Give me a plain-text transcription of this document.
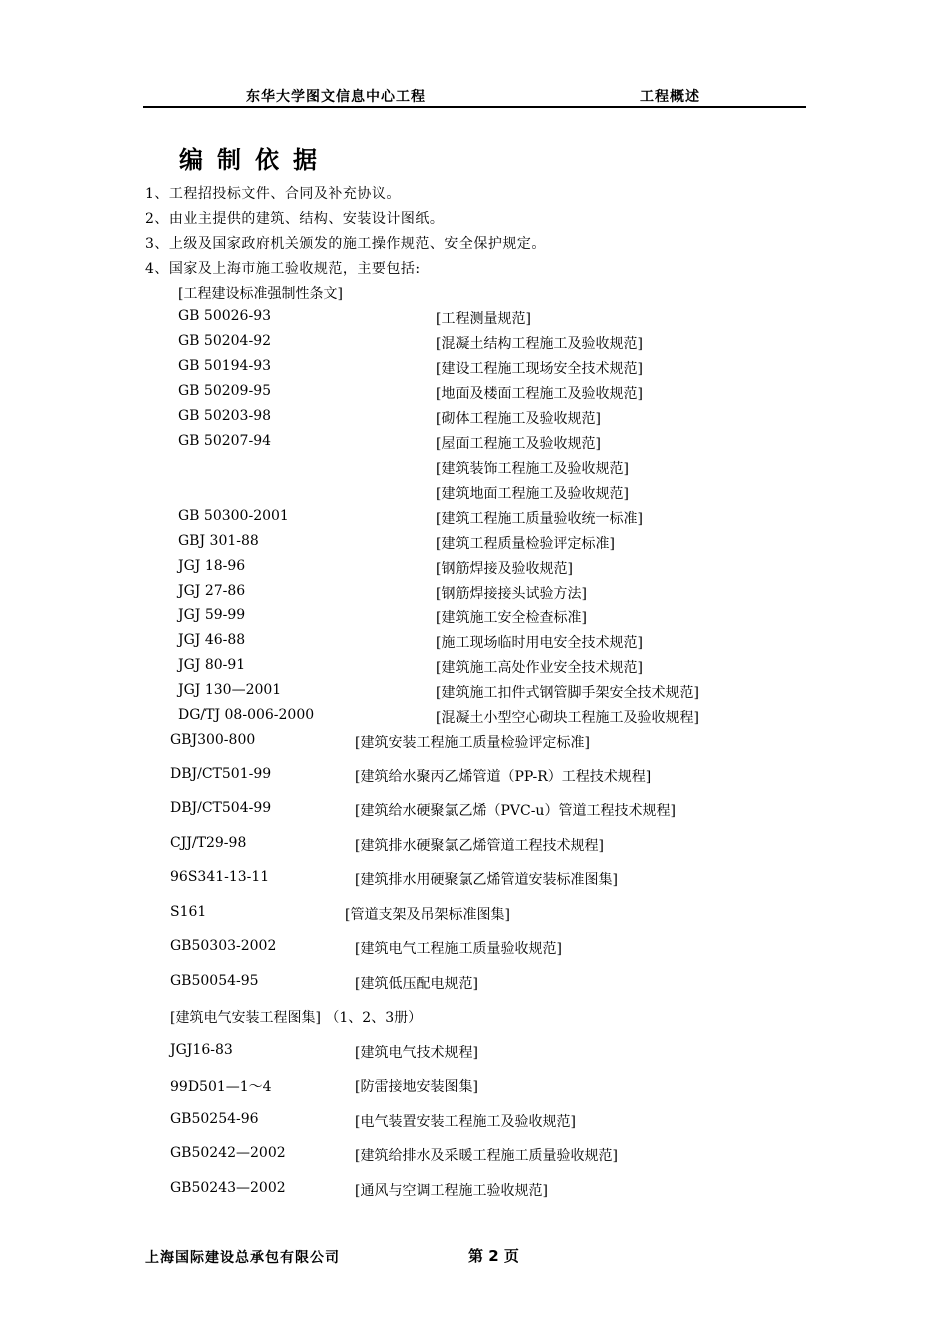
东华大学图文信息中心工程	工程概述
编制依据
1、工程招投标文件、合同及补充协议。
2、由业主提供的建筑、结构、安装设计图纸。
3、上级及国家政府机关颁发的施工操作规范、安全保护规定。
4、国家及上海市施工验收规范，主要包括:
[工程建设标准强制性条文]
GB 50026-93	[工程测量规范]
GB 50204-92	[混凝土结构工程施工及验收规范]
GB 50194-93	[建设工程施工现场安全技术规范]
GB 50209-95	[地面及楼面工程施工及验收规范]
GB 50203-98	[砌体工程施工及验收规范]
GB 50207-94	[屋面工程施工及验收规范]
[建筑装饰工程施工及验收规范]
[建筑地面工程施工及验收规范]
GB 50300-2001	[建筑工程施工质量验收统一标准]
GBJ 301-88	[建筑工程质量检验评定标准]
JGJ 18-96	[钢筋焊接及验收规范]
JGJ 27-86	[钢筋焊接接头试验方法]
JGJ 59-99	[建筑施工安全检查标准]
JGJ 46-88	[施工现场临时用电安全技术规范]
JGJ 80-91	[建筑施工高处作业安全技术规范]
JGJ 130—2001	[建筑施工扣件式钢管脚手架安全技术规范]
DG/TJ 08-006-2000	[混凝土小型空心砌块工程施工及验收规程]
GBJ300-800	[建筑安装工程施工质量检验评定标准]
DBJ/CT501-99	[建筑给水聚丙乙烯管道（PP-R）工程技术规程]
DBJ/CT504-99	[建筑给水硬聚氯乙烯（PVC-u）管道工程技术规程]
CJJ/T29-98	[建筑排水硬聚氯乙烯管道工程技术规程]
96S341-13-11	[建筑排水用硬聚氯乙烯管道安装标准图集]
S161	[管道支架及吊架标准图集]
GB50303-2002	[建筑电气工程施工质量验收规范]
GB50054-95	[建筑低压配电规范]
[建筑电气安装工程图集] （1、2、3册）
JGJ16-83	[建筑电气技术规程]
99D501—1～4	[防雷接地安装图集]
GB50254-96	[电气装置安装工程施工及验收规范]
GB50242—2002	[建筑给排水及采暖工程施工质量验收规范]
GB50243—2002	[通风与空调工程施工验收规范]
上海国际建设总承包有限公司	第 2 页
